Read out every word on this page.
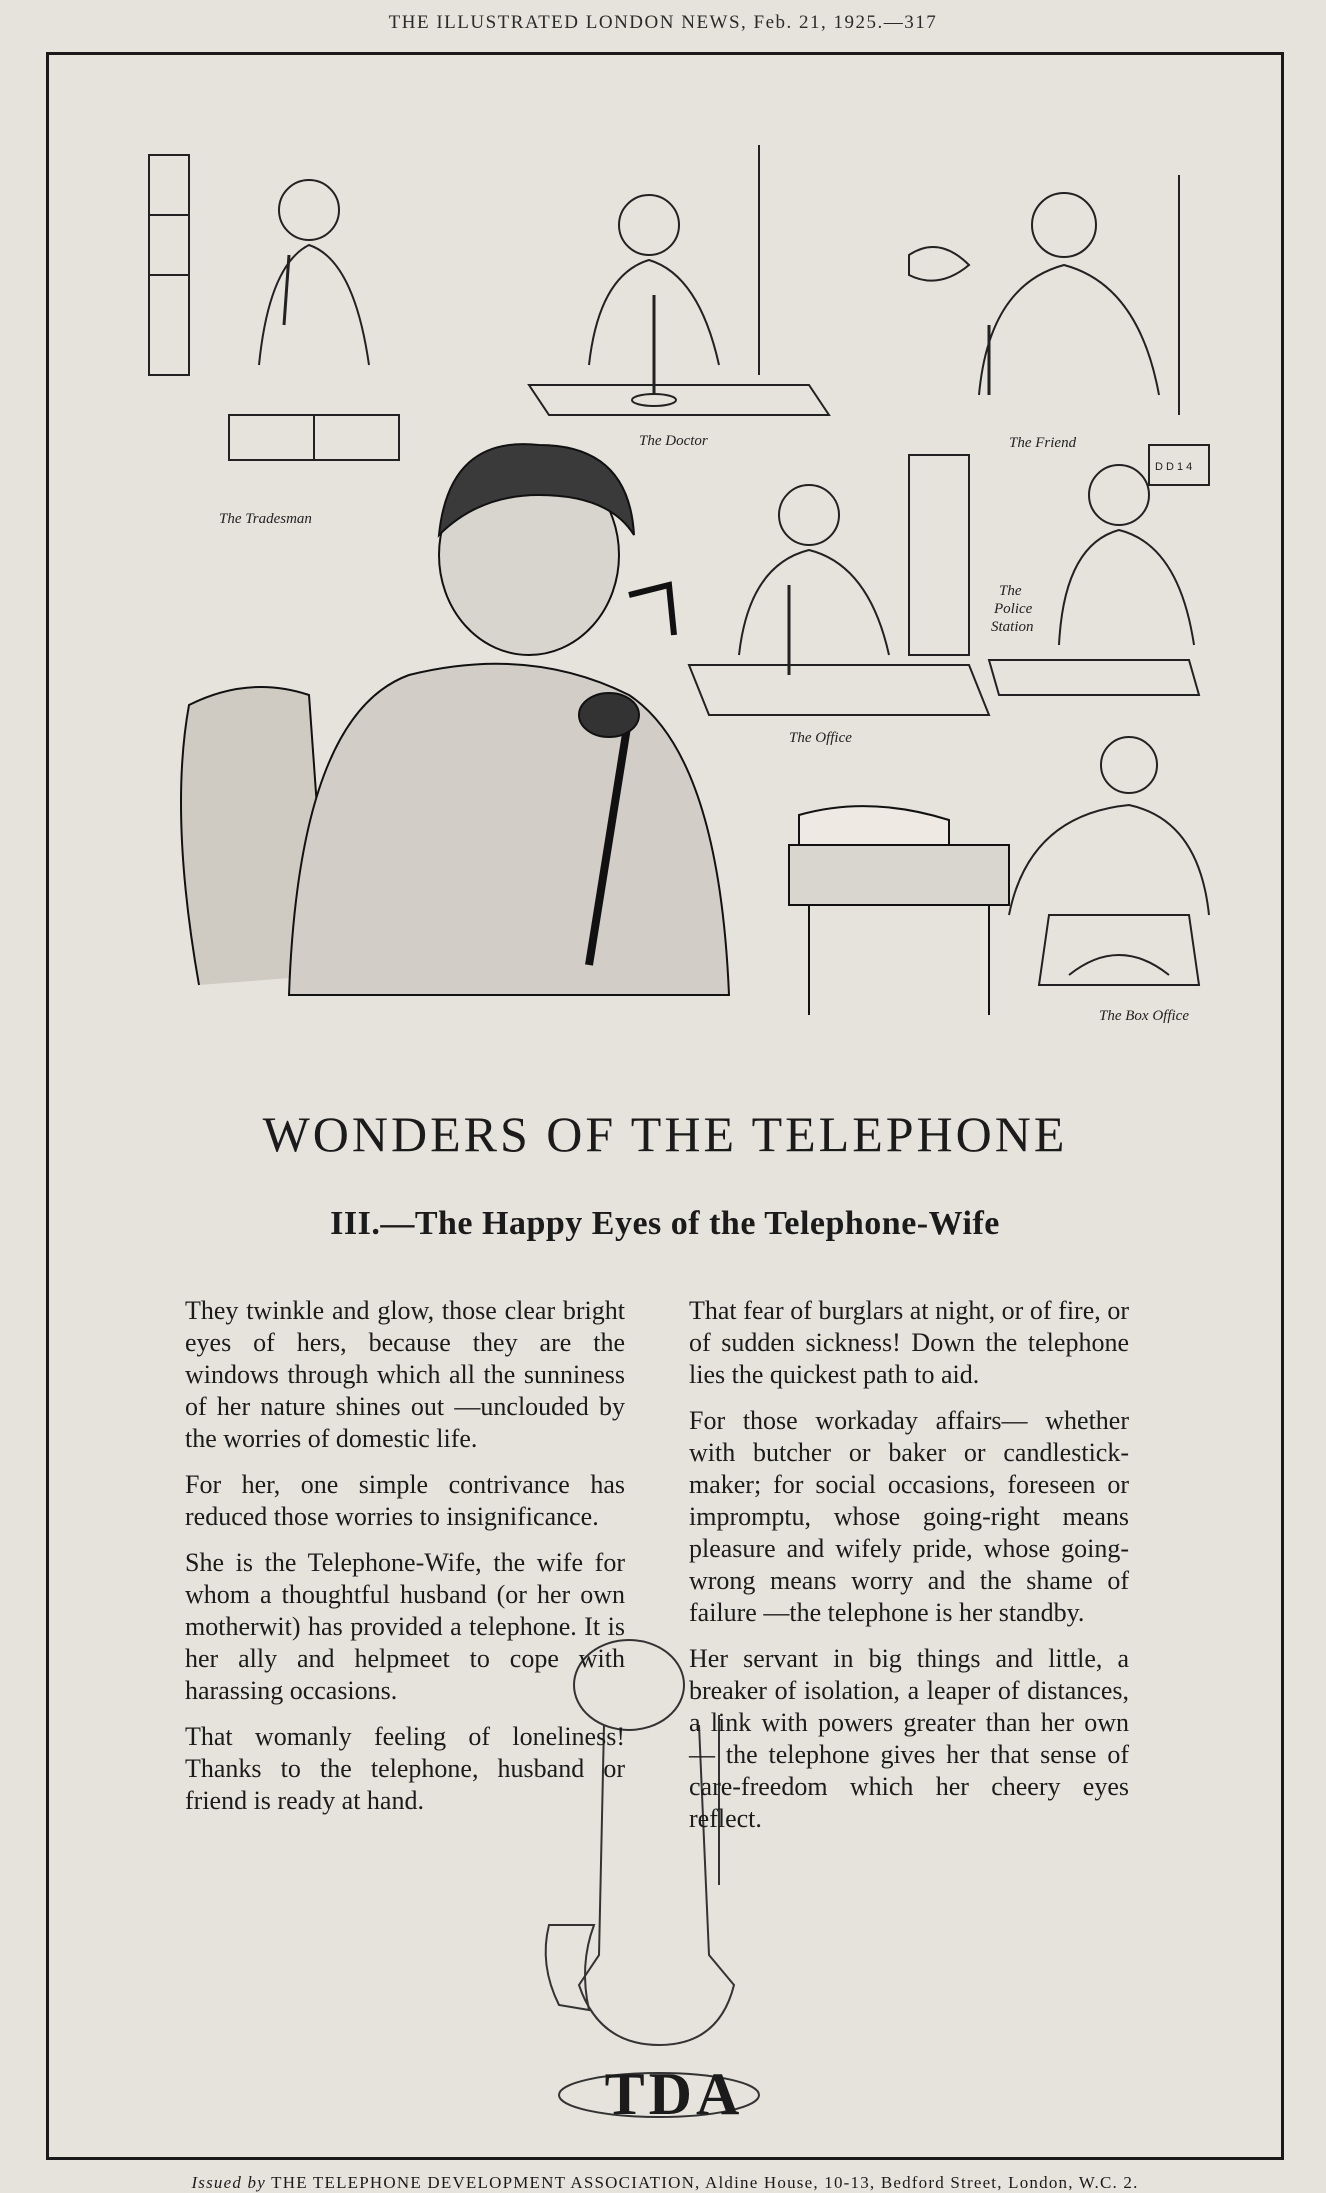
THE ILLUSTRATED LONDON NEWS, Feb. 21, 1925.—317
The Tradesman
The Doctor	The Friend
The Office
D D 1 4
The
Police
Station
The Box Office
WONDERS OF THE TELEPHONE
III.—The Happy Eyes of the Telephone-Wife

They twinkle and glow, those clear bright eyes of hers, because they are the windows through which all the sunniness of her nature shines out —unclouded by the worries of domestic life.

For her, one simple contrivance has reduced those worries to insignificance.

She is the Telephone-Wife, the wife for whom a thoughtful husband (or her own motherwit) has provided a telephone. It is her ally and helpmeet to cope with harassing occasions.

That womanly feeling of loneliness! Thanks to the telephone, husband or friend is ready at hand.

That fear of burglars at night, or of fire, or of sudden sickness! Down the telephone lies the quickest path to aid.

For those workaday affairs— whether with butcher or baker or candlestick-maker; for social occasions, foreseen or impromptu, whose going-right means pleasure and wifely pride, whose going-wrong means worry and the shame of failure —the telephone is her standby.

Her servant in big things and little, a breaker of isolation, a leaper of distances, a link with powers greater than her own — the telephone gives her that sense of care-freedom which her cheery eyes reflect.

TDA
Issued by THE TELEPHONE DEVELOPMENT ASSOCIATION, Aldine House, 10-13, Bedford Street, London, W.C. 2.
